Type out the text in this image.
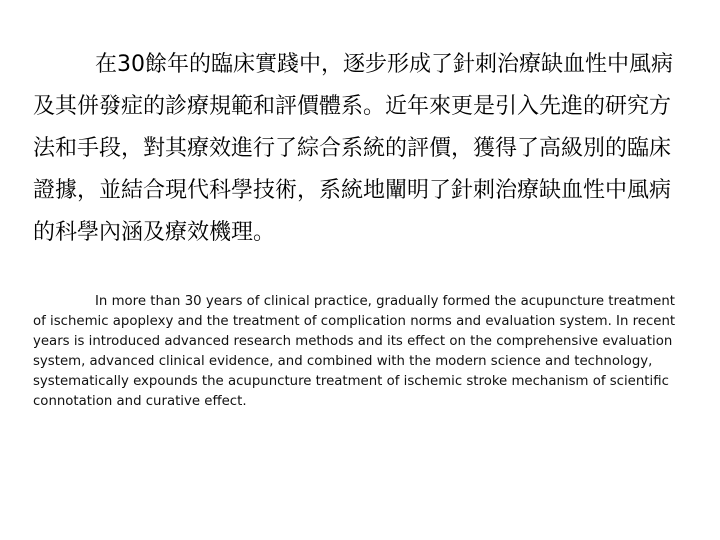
在30餘年的臨床實踐中，逐步形成了針刺治療缺血性中風病及其併發症的診療規範和評價體系。近年來更是引入先進的研究方法和手段，對其療效進行了綜合系統的評價，獲得了高級別的臨床證據，並結合現代科學技術，系統地闡明了針刺治療缺血性中風病的科學內涵及療效機理。

In more than 30 years of clinical practice, gradually formed the acupuncture treatment of ischemic apoplexy and the treatment of complication norms and evaluation system. In recent years is introduced advanced research methods and its effect on the comprehensive evaluation system, advanced clinical evidence, and combined with the modern science and technology, systematically expounds the acupuncture treatment of ischemic stroke mechanism of scientific connotation and curative effect.
